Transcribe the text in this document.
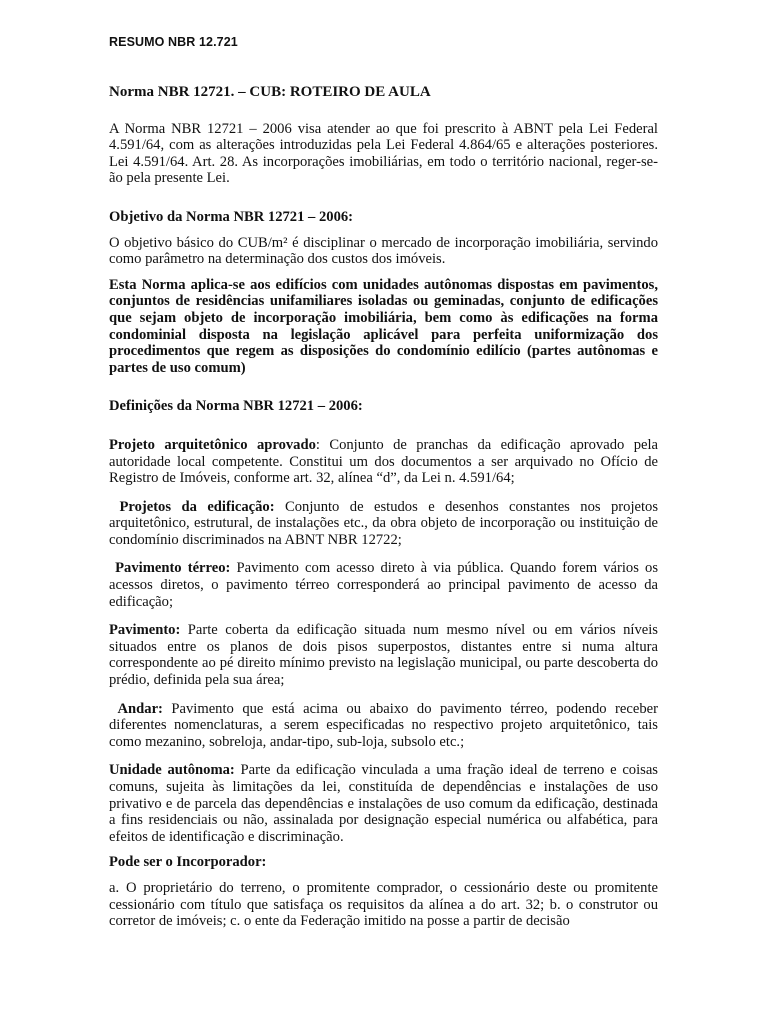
RESUMO NBR 12.721

Norma NBR 12721. – CUB: ROTEIRO DE AULA

A Norma NBR 12721 – 2006 visa atender ao que foi prescrito à ABNT pela Lei Federal 4.591/64, com as alterações introduzidas pela Lei Federal 4.864/65 e alterações posteriores. Lei 4.591/64. Art. 28. As incorporações imobiliárias, em todo o território nacional, reger-se-ão pela presente Lei.

Objetivo da Norma NBR 12721 – 2006:

O objetivo básico do CUB/m² é disciplinar o mercado de incorporação imobiliária, servindo como parâmetro na determinação dos custos dos imóveis.

Esta Norma aplica-se aos edifícios com unidades autônomas dispostas em pavimentos, conjuntos de residências unifamiliares isoladas ou geminadas, conjunto de edificações que sejam objeto de incorporação imobiliária, bem como às edificações na forma condominial disposta na legislação aplicável para perfeita uniformização dos procedimentos que regem as disposições do condomínio edilício (partes autônomas e partes de uso comum)

Definições da Norma NBR 12721 – 2006:

Projeto arquitetônico aprovado: Conjunto de pranchas da edificação aprovado pela autoridade local competente. Constitui um dos documentos a ser arquivado no Ofício de Registro de Imóveis, conforme art. 32, alínea “d”, da Lei n. 4.591/64;

Projetos da edificação: Conjunto de estudos e desenhos constantes nos projetos arquitetônico, estrutural, de instalações etc., da obra objeto de incorporação ou instituição de condomínio discriminados na ABNT NBR 12722;

Pavimento térreo: Pavimento com acesso direto à via pública. Quando forem vários os acessos diretos, o pavimento térreo corresponderá ao principal pavimento de acesso da edificação;

Pavimento: Parte coberta da edificação situada num mesmo nível ou em vários níveis situados entre os planos de dois pisos superpostos, distantes entre si numa altura correspondente ao pé direito mínimo previsto na legislação municipal, ou parte descoberta do prédio, definida pela sua área;

Andar: Pavimento que está acima ou abaixo do pavimento térreo, podendo receber diferentes nomenclaturas, a serem especificadas no respectivo projeto arquitetônico, tais como mezanino, sobreloja, andar-tipo, sub-loja, subsolo etc.;

Unidade autônoma: Parte da edificação vinculada a uma fração ideal de terreno e coisas comuns, sujeita às limitações da lei, constituída de dependências e instalações de uso privativo e de parcela das dependências e instalações de uso comum da edificação, destinada a fins residenciais ou não, assinalada por designação especial numérica ou alfabética, para efeitos de identificação e discriminação.

Pode ser o Incorporador:

a. O proprietário do terreno, o promitente comprador, o cessionário deste ou promitente cessionário com título que satisfaça os requisitos da alínea a do art. 32; b. o construtor ou corretor de imóveis; c. o ente da Federação imitido na posse a partir de decisão
